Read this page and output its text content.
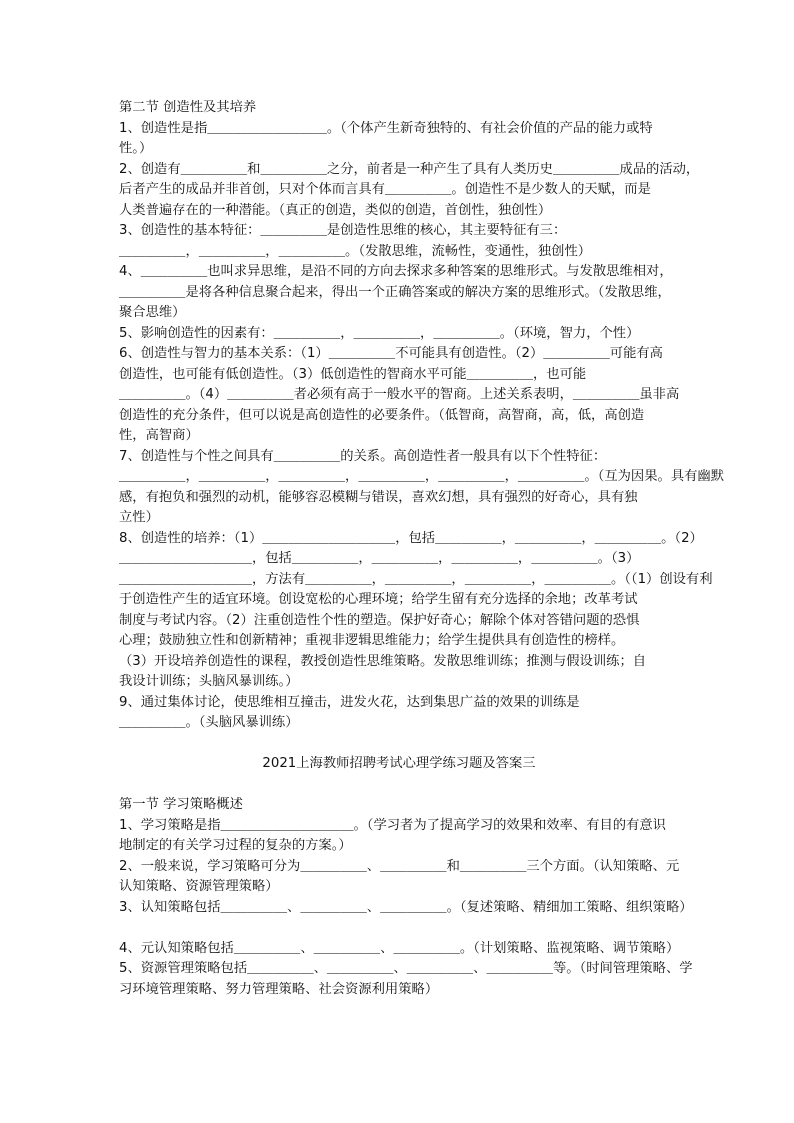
第二节 创造性及其培养
1、创造性是指＿＿＿＿＿＿＿＿＿。（个体产生新奇独特的、有社会价值的产品的能力或特
性。）
2、创造有＿＿＿＿＿和＿＿＿＿＿之分，前者是一种产生了具有人类历史＿＿＿＿＿成品的活动，
后者产生的成品并非首创，只对个体而言具有＿＿＿＿＿。创造性不是少数人的天赋，而是
人类普遍存在的一种潜能。（真正的创造，类似的创造，首创性，独创性）
3、创造性的基本特征：＿＿＿＿＿是创造性思维的核心，其主要特征有三：
＿＿＿＿＿，＿＿＿＿＿，＿＿＿＿＿。（发散思维，流畅性，变通性，独创性）
4、＿＿＿＿＿也叫求异思维，是沿不同的方向去探求多种答案的思维形式。与发散思维相对，
＿＿＿＿＿是将各种信息聚合起来，得出一个正确答案或的解决方案的思维形式。（发散思维，
聚合思维）
5、影响创造性的因素有：＿＿＿＿＿，＿＿＿＿＿，＿＿＿＿＿。（环境，智力，个性）
6、创造性与智力的基本关系：（1）＿＿＿＿＿不可能具有创造性。（2）＿＿＿＿＿可能有高
创造性，也可能有低创造性。（3）低创造性的智商水平可能＿＿＿＿＿，也可能
＿＿＿＿＿。（4）＿＿＿＿＿者必须有高于一般水平的智商。上述关系表明，＿＿＿＿＿虽非高
创造性的充分条件，但可以说是高创造性的必要条件。（低智商，高智商，高，低，高创造
性，高智商）
7、创造性与个性之间具有＿＿＿＿＿的关系。高创造性者一般具有以下个性特征：
＿＿＿＿＿，＿＿＿＿＿，＿＿＿＿＿，＿＿＿＿＿，＿＿＿＿＿，＿＿＿＿＿。（互为因果。具有幽默
感，有抱负和强烈的动机，能够容忍模糊与错误，喜欢幻想，具有强烈的好奇心，具有独
立性）
8、创造性的培养：（1）＿＿＿＿＿＿＿＿＿＿，包括＿＿＿＿＿，＿＿＿＿＿，＿＿＿＿＿。（2）
＿＿＿＿＿＿＿＿＿＿，包括＿＿＿＿＿，＿＿＿＿＿，＿＿＿＿＿，＿＿＿＿＿。（3）
＿＿＿＿＿＿＿＿＿＿，方法有＿＿＿＿＿，＿＿＿＿＿，＿＿＿＿＿，＿＿＿＿＿。（（1）创设有利
于创造性产生的适宜环境。创设宽松的心理环境；给学生留有充分选择的余地；改革考试
制度与考试内容。（2）注重创造性个性的塑造。保护好奇心；解除个体对答错问题的恐惧
心理；鼓励独立性和创新精神；重视非逻辑思维能力；给学生提供具有创造性的榜样。
（3）开设培养创造性的课程，教授创造性思维策略。发散思维训练；推测与假设训练；自
我设计训练；头脑风暴训练。）
9、通过集体讨论，使思维相互撞击，进发火花，达到集思广益的效果的训练是
＿＿＿＿＿。（头脑风暴训练）
2021上海教师招聘考试心理学练习题及答案三
第一节 学习策略概述
1、学习策略是指＿＿＿＿＿＿＿＿＿＿。（学习者为了提高学习的效果和效率、有目的有意识
地制定的有关学习过程的复杂的方案。）
2、一般来说，学习策略可分为＿＿＿＿＿、＿＿＿＿＿和＿＿＿＿＿三个方面。（认知策略、元
认知策略、资源管理策略）
3、认知策略包括＿＿＿＿＿、＿＿＿＿＿、＿＿＿＿＿。（复述策略、精细加工策略、组织策略）
4、元认知策略包括＿＿＿＿＿、＿＿＿＿＿、＿＿＿＿＿。（计划策略、监视策略、调节策略）
5、资源管理策略包括＿＿＿＿＿、＿＿＿＿＿、＿＿＿＿＿、＿＿＿＿＿等。（时间管理策略、学
习环境管理策略、努力管理策略、社会资源利用策略）
